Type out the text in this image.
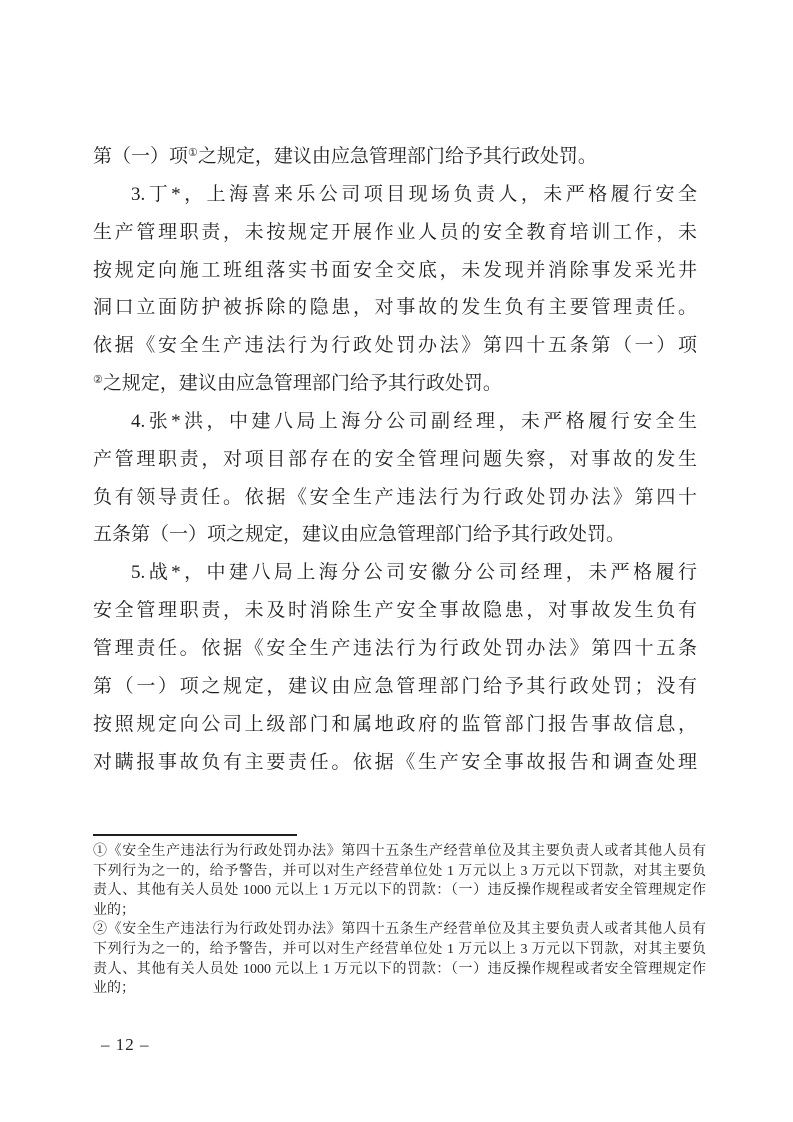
第（一）项①之规定，建议由应急管理部门给予其行政处罚。
3.丁*，上海喜来乐公司项目现场负责人，未严格履行安全
生产管理职责，未按规定开展作业人员的安全教育培训工作，未
按规定向施工班组落实书面安全交底，未发现并消除事发采光井
洞口立面防护被拆除的隐患，对事故的发生负有主要管理责任。
依据《安全生产违法行为行政处罚办法》第四十五条第（一）项
②之规定，建议由应急管理部门给予其行政处罚。
4.张*洪，中建八局上海分公司副经理，未严格履行安全生
产管理职责，对项目部存在的安全管理问题失察，对事故的发生
负有领导责任。依据《安全生产违法行为行政处罚办法》第四十
五条第（一）项之规定，建议由应急管理部门给予其行政处罚。
5.战*，中建八局上海分公司安徽分公司经理，未严格履行
安全管理职责，未及时消除生产安全事故隐患，对事故发生负有
管理责任。依据《安全生产违法行为行政处罚办法》第四十五条
第（一）项之规定，建议由应急管理部门给予其行政处罚；没有
按照规定向公司上级部门和属地政府的监管部门报告事故信息，
对瞒报事故负有主要责任。依据《生产安全事故报告和调查处理
①《安全生产违法行为行政处罚办法》第四十五条生产经营单位及其主要负责人或者其他人员有
下列行为之一的，给予警告，并可以对生产经营单位处 1 万元以上 3 万元以下罚款，对其主要负
责人、其他有关人员处 1000 元以上 1 万元以下的罚款：（一）违反操作规程或者安全管理规定作
业的；
②《安全生产违法行为行政处罚办法》第四十五条生产经营单位及其主要负责人或者其他人员有
下列行为之一的，给予警告，并可以对生产经营单位处 1 万元以上 3 万元以下罚款，对其主要负
责人、其他有关人员处 1000 元以上 1 万元以下的罚款：（一）违反操作规程或者安全管理规定作
业的；
– 12 –
